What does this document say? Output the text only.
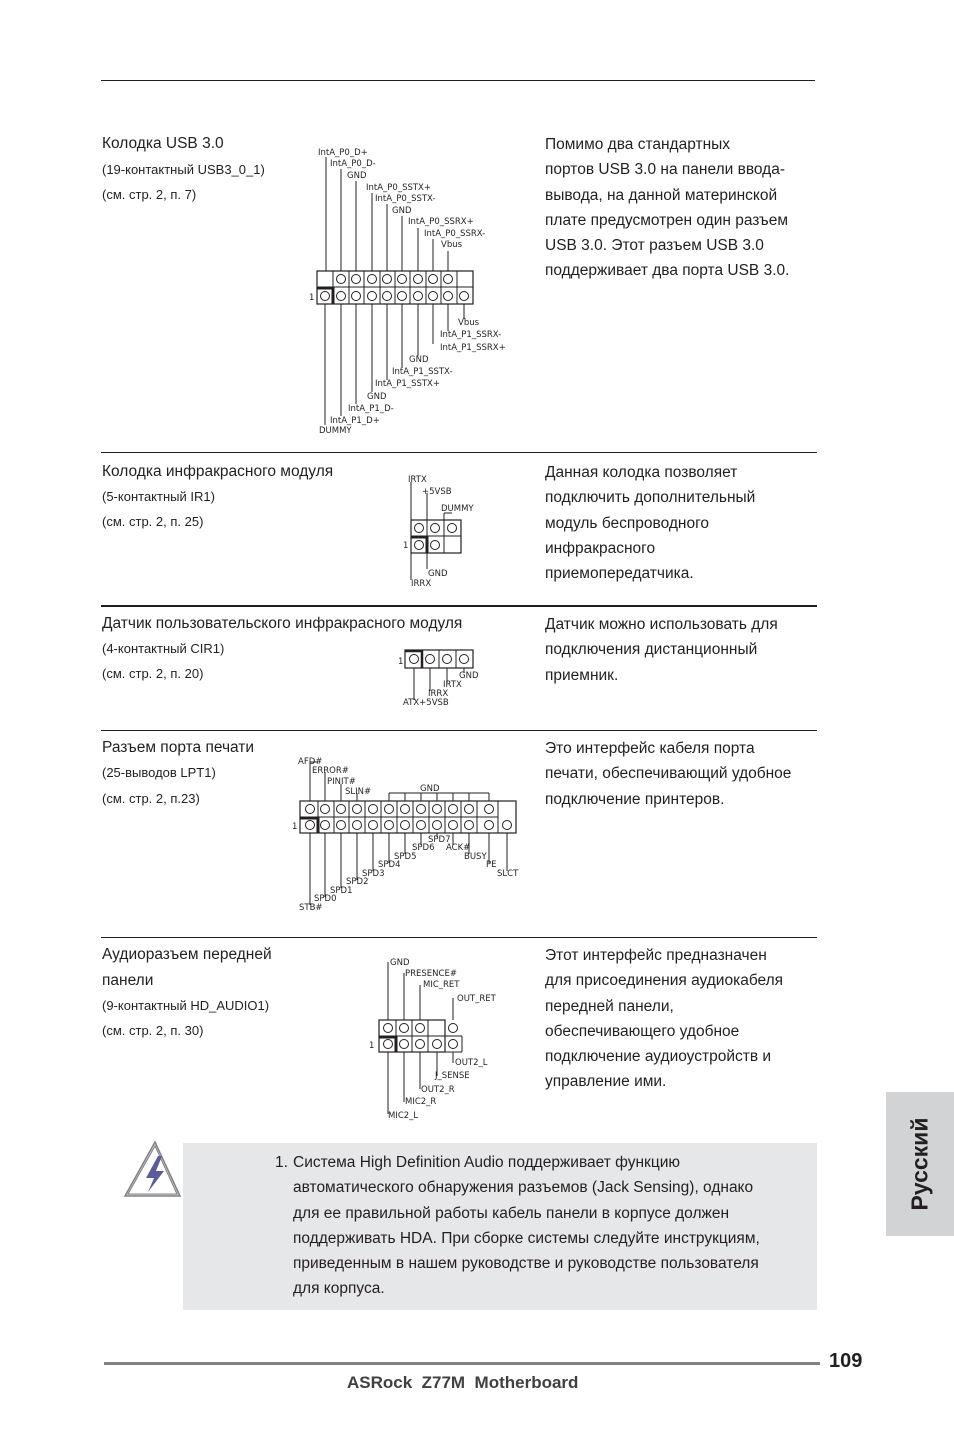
Колодка USB 3.0
(19-контактный USB3_0_1)
(см. стр. 2, п. 7)

Помимо два стандартных

портов USB 3.0 на панели ввода-

вывода, на данной материнской

плате предусмотрен один разъем

USB 3.0. Этот разъем USB 3.0

поддерживает два порта USB 3.0.

IntA_P0_D+
IntA_P0_D-
GND
IntA_P0_SSTX+
IntA_P0_SSTX-
GND
IntA_P0_SSRX+
IntA_P0_SSRX-
Vbus
1
Vbus
IntA_P1_SSRX-
IntA_P1_SSRX+
GND
IntA_P1_SSTX-
IntA_P1_SSTX+
GND
IntA_P1_D-
IntA_P1_D+
DUMMY
Колодка инфракрасного модуля
(5-контактный IR1)
(см. стр. 2, п. 25)

Данная колодка позволяет

подключить дополнительный

модуль беспроводного

инфракрасного

приемопередатчика.

IRTX
+5VSB
DUMMY
1
GND
IRRX
Датчик пользовательского инфракрасного модуля
(4-контактный CIR1)
(см. стр. 2, п. 20)

Датчик можно использовать для

подключения дистанционный

приемник.

1
GND
IRTX
IRRX
ATX+5VSB
Разъем порта печати
(25-выводов LPT1)
(см. стр. 2, п.23)

Это интерфейс кабеля порта

печати, обеспечивающий удобное

подключение принтеров.

AFD#
ERROR#
PINIT#
SLIN#	GND
1
SPD7
SPD6 ACK#
SPD5	BUSY
SPD4	PE
SPD3	SLCT
SPD2
SPD1
SPD0
STB#
Аудиоразъем передней
панели
(9-контактный HD_AUDIO1)
(см. стр. 2, п. 30)

Этот интерфейс предназначен

для присоединения аудиокабеля

передней панели,

обеспечивающего удобное

подключение аудиоустройств и

управление ими.

GND
PRESENCE#
MIC_RET
OUT_RET
1
OUT2_L
J_SENSE
OUT2_R
MIC2_R
MIC2_L
1. Система High Definition Audio поддерживает функцию
автоматического обнаружения разъемов (Jack Sensing), однако
для ее правильной работы кабель панели в корпусе должен
поддерживать HDA. При сборке системы следуйте инструкциям,
приведенным в нашем руководстве и руководстве пользователя
для корпуса.
Русский
ASRock  Z77M  Motherboard
109
